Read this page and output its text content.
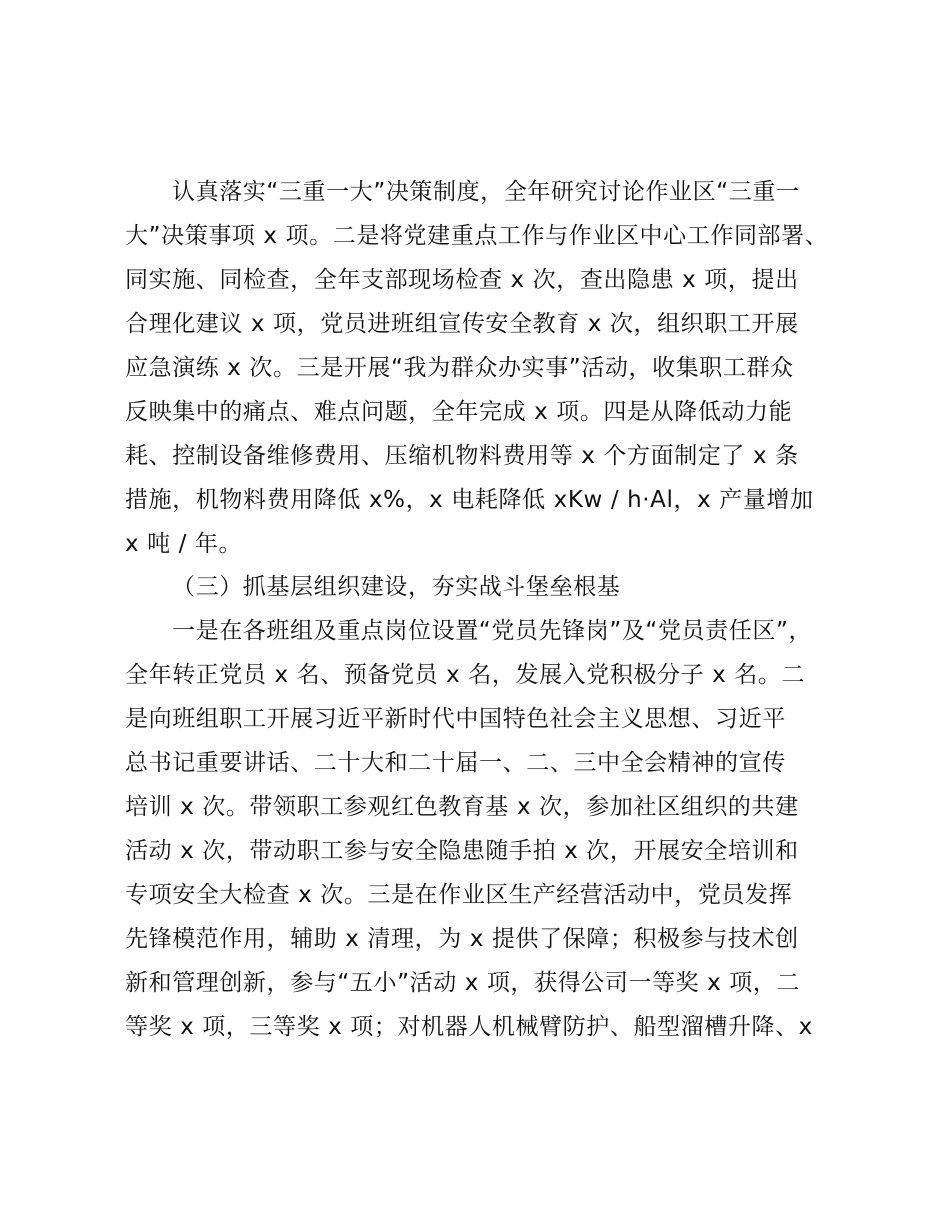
认真落实“三重一大”决策制度，全年研究讨论作业区“三重一
大”决策事项 x 项。二是将党建重点工作与作业区中心工作同部署、
同实施、同检查，全年支部现场检查 x 次，查出隐患 x 项，提出
合理化建议 x 项，党员进班组宣传安全教育 x 次，组织职工开展
应急演练 x 次。三是开展“我为群众办实事”活动，收集职工群众
反映集中的痛点、难点问题，全年完成 x 项。四是从降低动力能
耗、控制设备维修费用、压缩机物料费用等 x 个方面制定了 x 条
措施，机物料费用降低 x%，x 电耗降低 xKw / h·Al，x 产量增加
x 吨 / 年。
（三）抓基层组织建设，夯实战斗堡垒根基
一是在各班组及重点岗位设置“党员先锋岗”及“党员责任区”，
全年转正党员 x 名、预备党员 x 名，发展入党积极分子 x 名。二
是向班组职工开展习近平新时代中国特色社会主义思想、习近平
总书记重要讲话、二十大和二十届一、二、三中全会精神的宣传
培训 x 次。带领职工参观红色教育基 x 次，参加社区组织的共建
活动 x 次，带动职工参与安全隐患随手拍 x 次，开展安全培训和
专项安全大检查 x 次。三是在作业区生产经营活动中，党员发挥
先锋模范作用，辅助 x 清理，为 x 提供了保障；积极参与技术创
新和管理创新，参与“五小”活动 x 项，获得公司一等奖 x 项，二
等奖 x 项，三等奖 x 项；对机器人机械臂防护、船型溜槽升降、x
